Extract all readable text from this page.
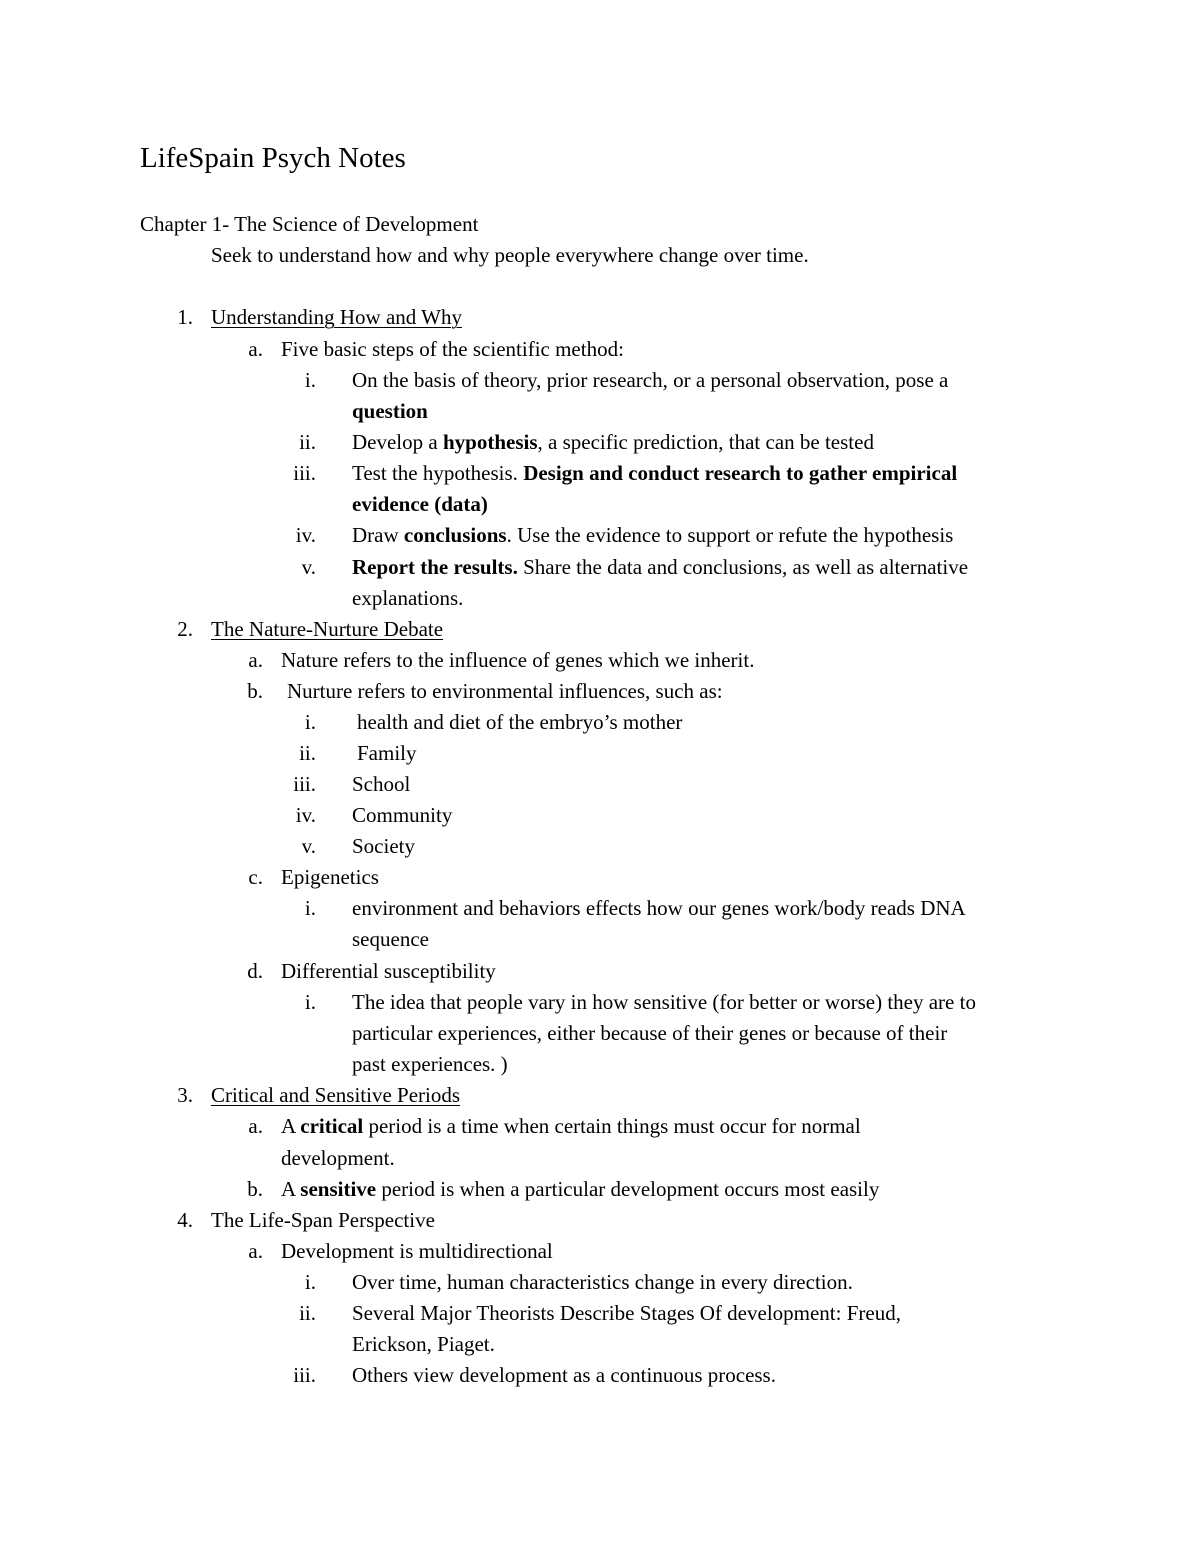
LifeSpain Psych Notes
Chapter 1- The Science of Development
Seek to understand how and why people everywhere change over time.
1. Understanding How and Why
a. Five basic steps of the scientific method:
i. On the basis of theory, prior research, or a personal observation, pose a
question
ii. Develop a hypothesis, a specific prediction, that can be tested
iii. Test the hypothesis. Design and conduct research to gather empirical
evidence (data)
iv. Draw conclusions. Use the evidence to support or refute the hypothesis
v. Report the results. Share the data and conclusions, as well as alternative
explanations.
2. The Nature-Nurture Debate
a. Nature refers to the influence of genes which we inherit.
b. Nurture refers to environmental influences, such as:
i. health and diet of the embryo’s mother
ii. Family
iii. School
iv. Community
v. Society
c. Epigenetics
i. environment and behaviors effects how our genes work/body reads DNA
sequence
d. Differential susceptibility
i. The idea that people vary in how sensitive (for better or worse) they are to
particular experiences, either because of their genes or because of their
past experiences. )
3. Critical and Sensitive Periods
a. A critical period is a time when certain things must occur for normal
development.
b. A sensitive period is when a particular development occurs most easily
4. The Life-Span Perspective
a. Development is multidirectional
i. Over time, human characteristics change in every direction.
ii. Several Major Theorists Describe Stages Of development: Freud,
Erickson, Piaget.
iii. Others view development as a continuous process.
